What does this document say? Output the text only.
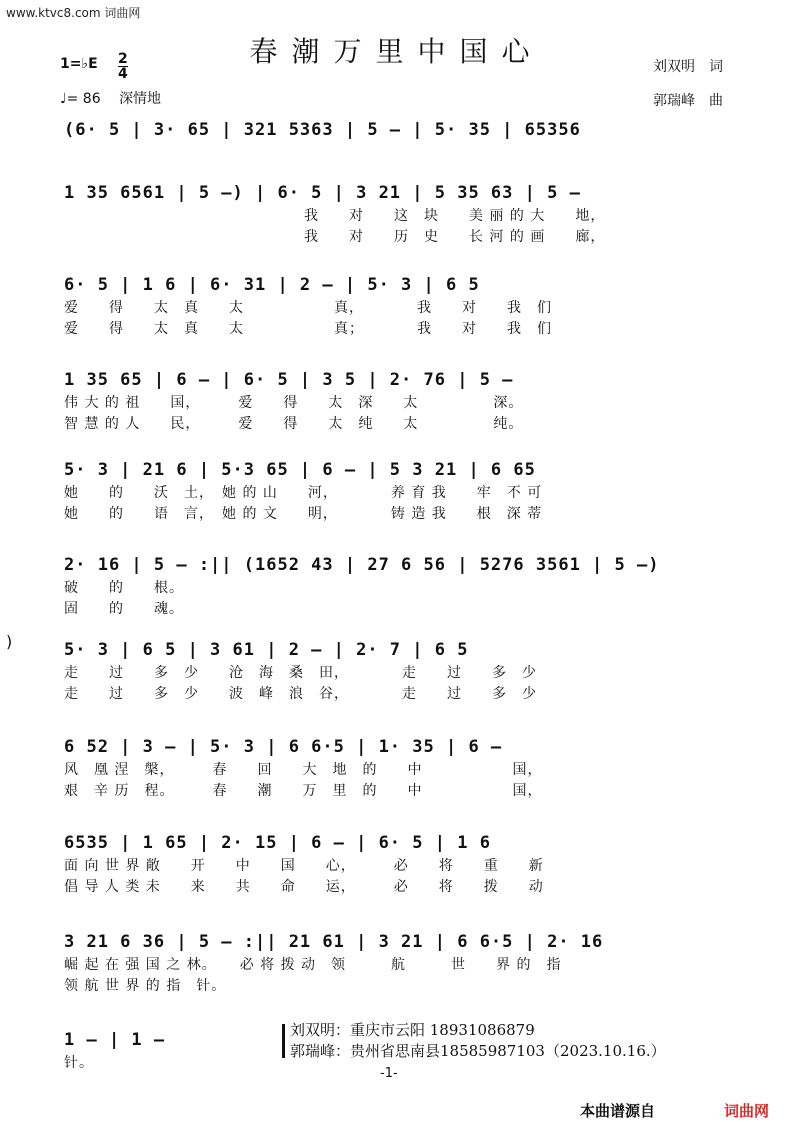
www.ktvc8.com 词曲网
春潮万里中国心
1=♭E $\frac{2}{4}$
♩= 86 深情地
刘双明　词
郭瑞峰　曲
)
(6· 5 | 3· 65 | 321 5363 | 5 — | 5· 35 | 65356
1 35 6561 | 5 —) | 6· 5 | 3 21 | 5 35 63 | 5 —
　　　　　　　　　　　　　　　　我　　对　　这　块　　美 丽 的 大　　地，
　　　　　　　　　　　　　　　　我　　对　　历　史　　长 河 的 画　　廊，
6· 5 | 1 6 | 6· 31 | 2 — | 5· 3 | 6 5
爱　　得　　太　真　　太　　　　　　真，　　　　我　　对　　我　们
爱　　得　　太　真　　太　　　　　　真；　　　　我　　对　　我　们
1 35 65 | 6 — | 6· 5 | 3 5 | 2· 76 | 5 —
伟 大 的 祖　　国，　　　爱　　得　　太　深　　太　　　　　深。
智 慧 的 人　　民，　　　爱　　得　　太　纯　　太　　　　　纯。
5· 3 | 21 6 | 5·3 65 | 6 — | 5 3 21 | 6 65
她　　的　　沃　土，　她 的 山　　河，　　　　养 育 我　　牢　不 可
她　　的　　语　言，　她 的 文　　明，　　　　铸 造 我　　根　深 蒂
2· 16 | 5 — :|| (1652 43 | 27 6 56 | 5276 3561 | 5 —)
破　　的　　根。
固　　的　　魂。
5· 3 | 6 5 | 3 61 | 2 — | 2· 7 | 6 5
走　　过　　多　少　　沧　海　桑　田，　　　　走　　过　　多　少
走　　过　　多　少　　波　峰　浪　谷，　　　　走　　过　　多　少
6 52 | 3 — | 5· 3 | 6 6·5 | 1· 35 | 6 —
风　凰 涅　槃，　　　春　　回　　大　地　的　　中　　　　　　国，
艰　辛 历　程。　　　春　　潮　　万　里　的　　中　　　　　　国，
6535 | 1 65 | 2· 15 | 6 — | 6· 5 | 1 6
面 向 世 界 敞　　开　　中　　国　　心，　　　必　　将　　重　　新
倡 导 人 类 未　　来　　共　　命　　运，　　　必　　将　　拨　　动
3 21 6 36 | 5 — :|| 21 61 | 3 21 | 6 6·5 | 2· 16
崛 起 在 强 国 之 林。　　必 将 拨 动　领　　　航　　　世　　界 的　指
领 航 世 界 的 指　针。
1 — | 1 —
针。
刘双明：重庆市云阳 18931086879
郭瑞峰：贵州省思南县18585987103（2023.10.16.）
-1-
本曲谱源自	词曲网
